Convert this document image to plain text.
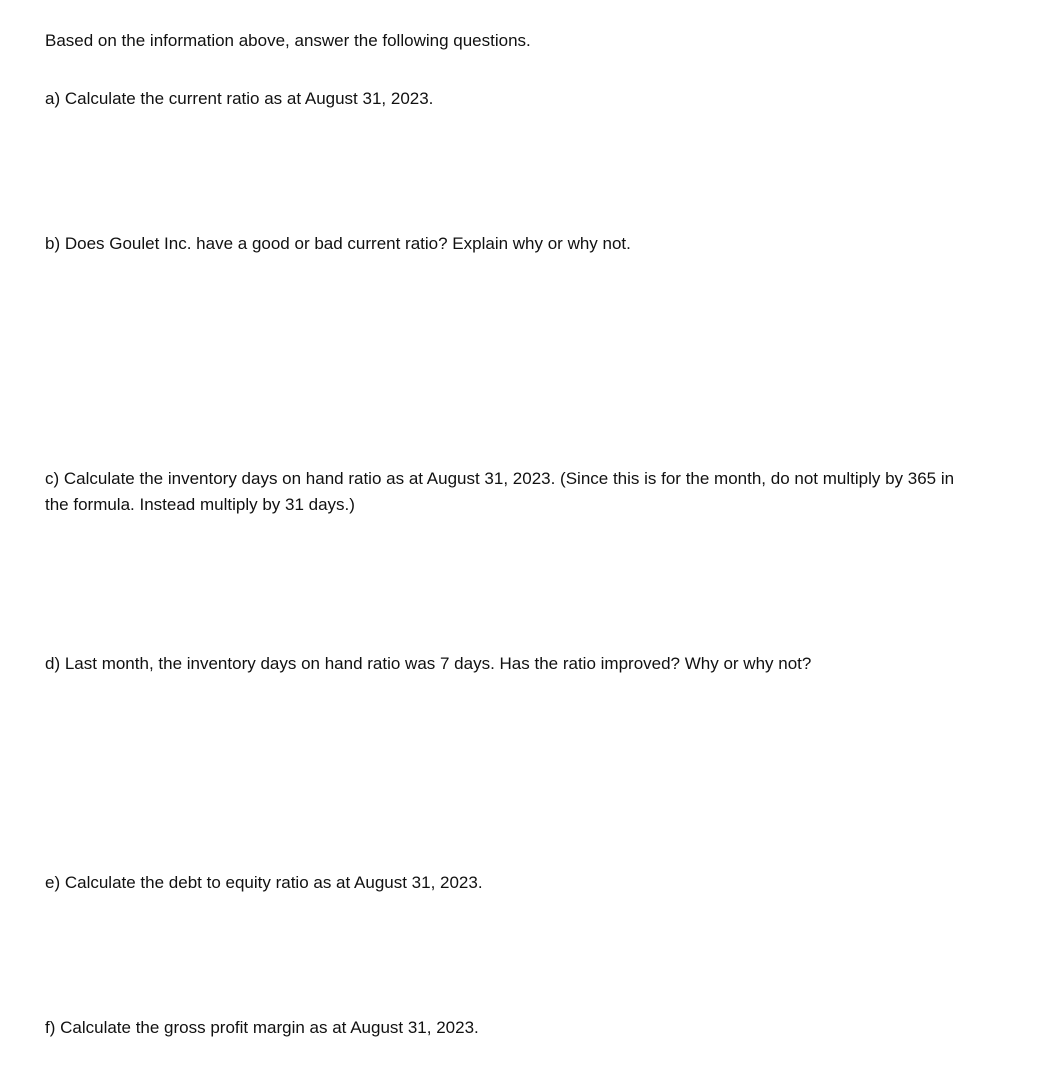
Based on the information above, answer the following questions.
a) Calculate the current ratio as at August 31, 2023.
b) Does Goulet Inc. have a good or bad current ratio? Explain why or why not.
c) Calculate the inventory days on hand ratio as at August 31, 2023. (Since this is for the month, do not multiply by 365 in the formula. Instead multiply by 31 days.)
d) Last month, the inventory days on hand ratio was 7 days. Has the ratio improved? Why or why not?
e) Calculate the debt to equity ratio as at August 31, 2023.
f) Calculate the gross profit margin as at August 31, 2023.
